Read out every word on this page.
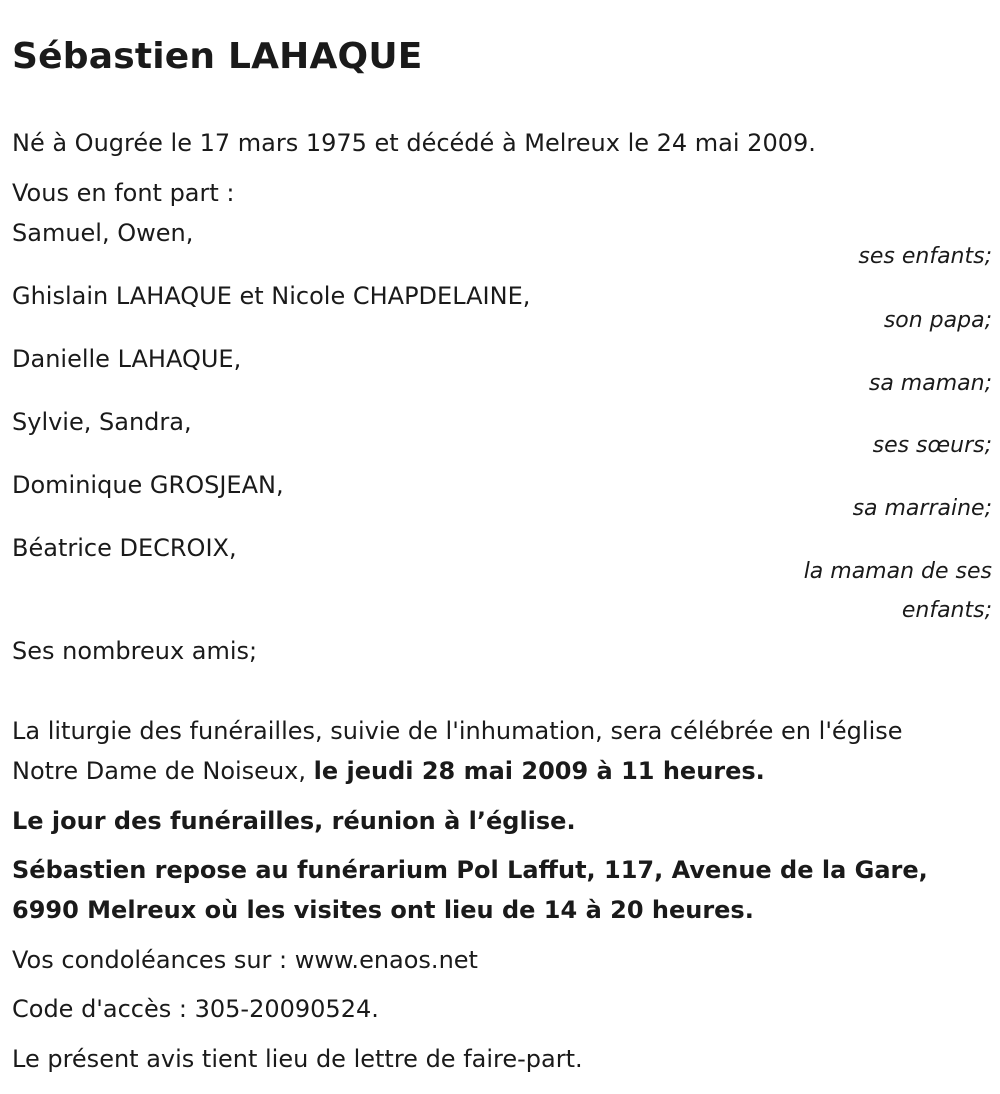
Sébastien LAHAQUE

Né à Ougrée le 17 mars 1975 et décédé à Melreux le 24 mai 2009.

Vous en font part :

Samuel, Owen,

ses enfants;

Ghislain LAHAQUE et Nicole CHAPDELAINE,

son papa;

Danielle LAHAQUE,

sa maman;

Sylvie, Sandra,

ses sœurs;

Dominique GROSJEAN,

sa marraine;

Béatrice DECROIX,

la maman de ses

enfants;

Ses nombreux amis;

La liturgie des funérailles, suivie de l'inhumation, sera célébrée en l'église

Notre Dame de Noiseux, le jeudi 28 mai 2009 à 11 heures.

Le jour des funérailles, réunion à l’église.

Sébastien repose au funérarium Pol Laffut, 117, Avenue de la Gare,

6990 Melreux où les visites ont lieu de 14 à 20 heures.

Vos condoléances sur : www.enaos.net

Code d'accès : 305-20090524.

Le présent avis tient lieu de lettre de faire-part.
